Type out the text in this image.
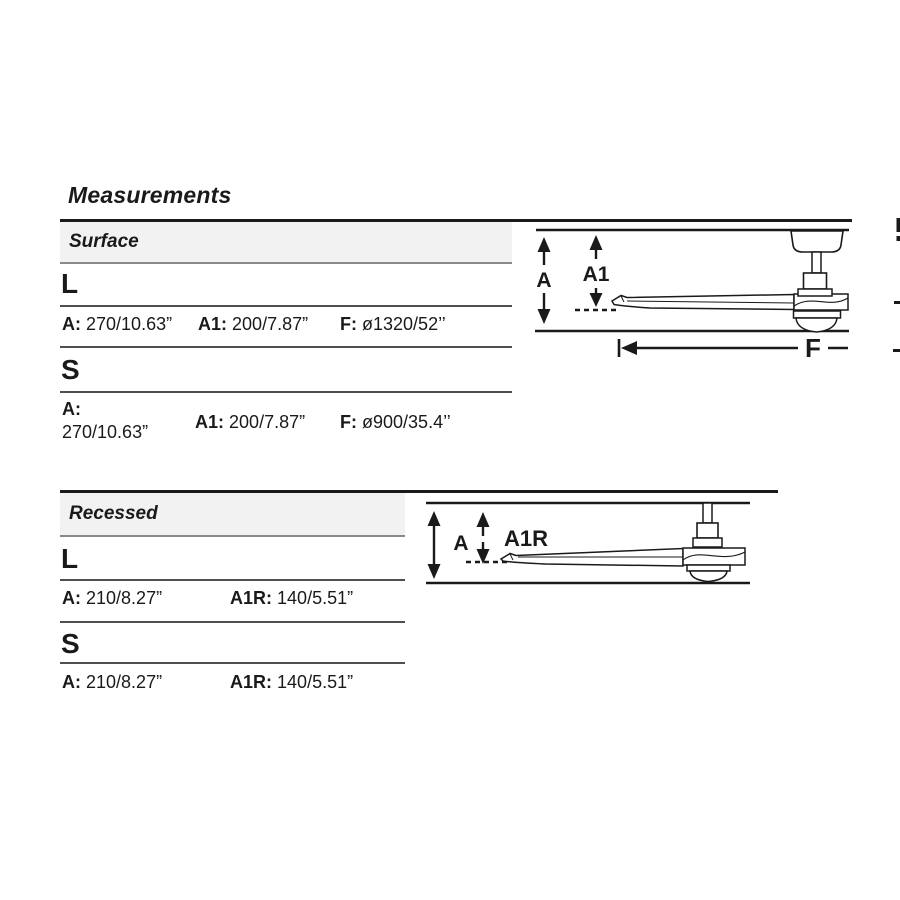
Measurements
Surface
L
A: 270/10.63” A1: 200/7.87” F: ø1320/52’’
S
A:
270/10.63”	A1: 200/7.87” F: ø900/35.4’’
A A1
F
Recessed
L
A: 210/8.27”	A1R: 140/5.51”
S
A: 210/8.27”	A1R: 140/5.51”
A A1R
